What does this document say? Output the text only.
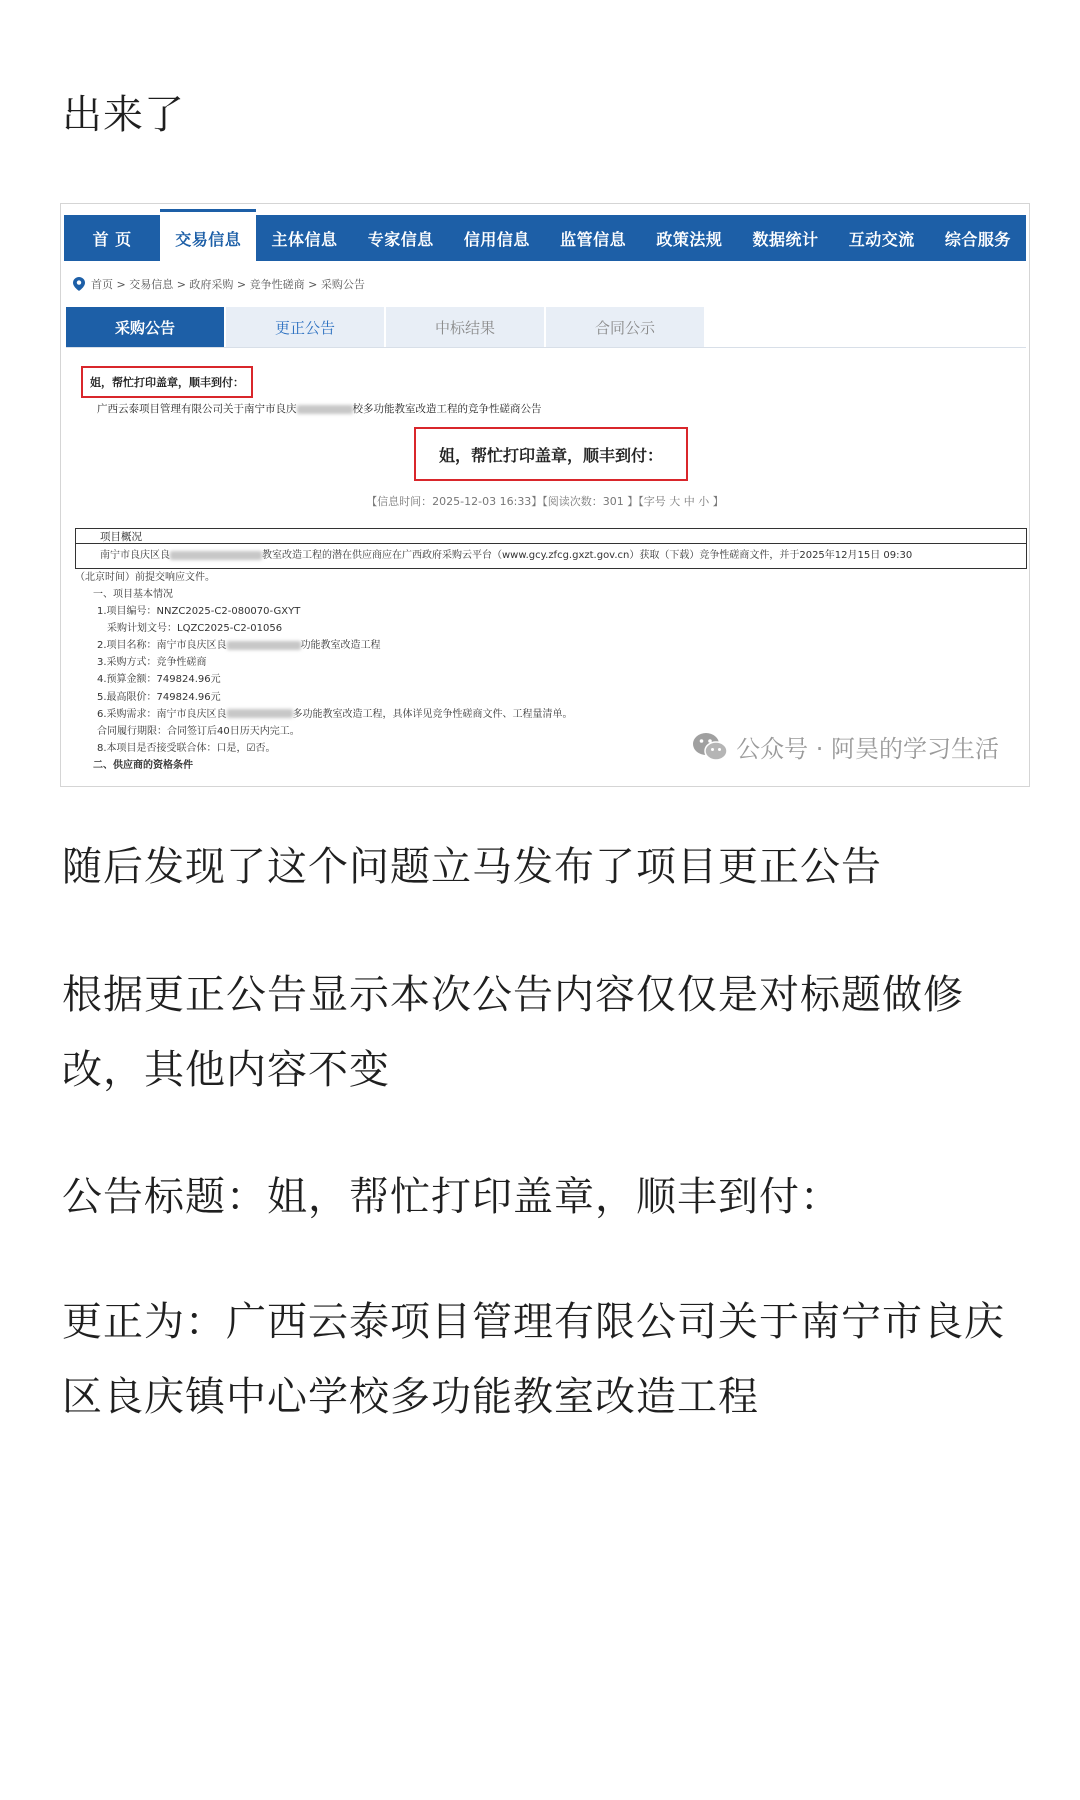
出来了
首 页	交易信息	主体信息	专家信息	信用信息	监管信息	政策法规	数据统计	互动交流	综合服务
首页 > 交易信息 > 政府采购 > 竞争性磋商 > 采购公告
采购公告	更正公告	中标结果	合同公示
姐，帮忙打印盖章，顺丰到付：
广西云泰项目管理有限公司关于南宁市良庆	校多功能教室改造工程的竞争性磋商公告
姐，帮忙打印盖章，顺丰到付：
【信息时间：2025-12-03 16:33】【阅读次数：301 】【字号 大 中 小 】
项目概况
南宁市良庆区良	教室改造工程的潜在供应商应在广西政府采购云平台（www.gcy.zfcg.gxzt.gov.cn）获取（下载）竞争性磋商文件，并于2025年12月15日 09:30
（北京时间）前提交响应文件。
一、项目基本情况
1.项目编号：NNZC2025-C2-080070-GXYT
采购计划文号：LQZC2025-C2-01056
2.项目名称：南宁市良庆区良	功能教室改造工程
3.采购方式：竞争性磋商
4.预算金额：749824.96元
5.最高限价：749824.96元
6.采购需求：南宁市良庆区良	多功能教室改造工程，具体详见竞争性磋商文件、工程量清单。
合同履行期限：合同签订后40日历天内完工。
8.本项目是否接受联合体：口是，☑否。
二、供应商的资格条件
公众号 · 阿昊的学习生活
随后发现了这个问题立马发布了项目更正公告
根据更正公告显示本次公告内容仅仅是对标题做修改，其他内容不变
公告标题：姐，帮忙打印盖章，顺丰到付：
更正为：广西云泰项目管理有限公司关于南宁市良庆区良庆镇中心学校多功能教室改造工程
